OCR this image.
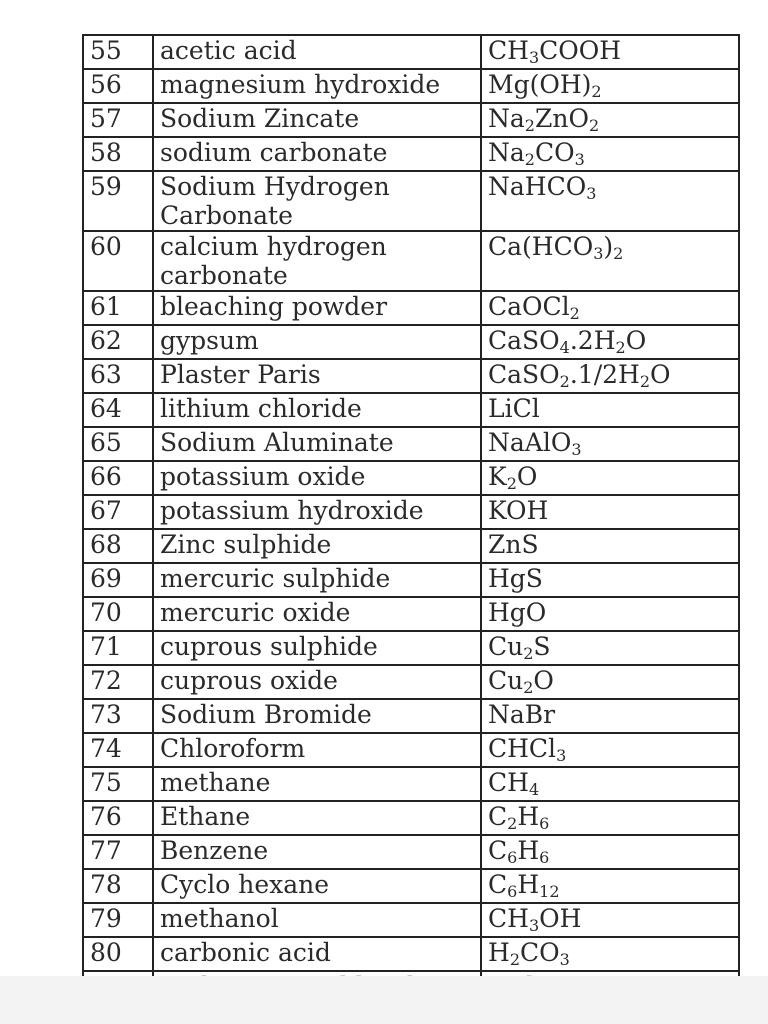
55	acetic acid	$CH_3COOH$
56	magnesium hydroxide	$Mg(OH)_2$
57	Sodium Zincate	$Na_2ZnO_2$
58	sodium carbonate	$Na_2CO_3$
59	Sodium Hydrogen Carbonate	NaHCO$_3$
60	calcium hydrogen carbonate	$Ca(HCO_3)_2$
61	bleaching powder	CaOCl$_2$
62	gypsum	$CaSO_4.2H_2O$
63	Plaster Paris	$CaSO_2.1/2H_2O$
64	lithium chloride	LiCl
65	Sodium Aluminate	NaAlO$_3$
66	potassium oxide	$K_2O$
67	potassium hydroxide	KOH
68	Zinc sulphide	ZnS
69	mercuric sulphide	HgS
70	mercuric oxide	HgO
71	cuprous sulphide	$Cu_2S$
72	cuprous oxide	$Cu_2O$
73	Sodium Bromide	NaBr
74	Chloroform	CHCl$_3$
75	methane	$CH_4$
76	Ethane	$C_2H_6$
77	Benzene	$C_6H_6$
78	Cyclo hexane	$C_6H_{12}$
79	methanol	$CH_3OH$
80	carbonic acid	$H_2CO_3$
